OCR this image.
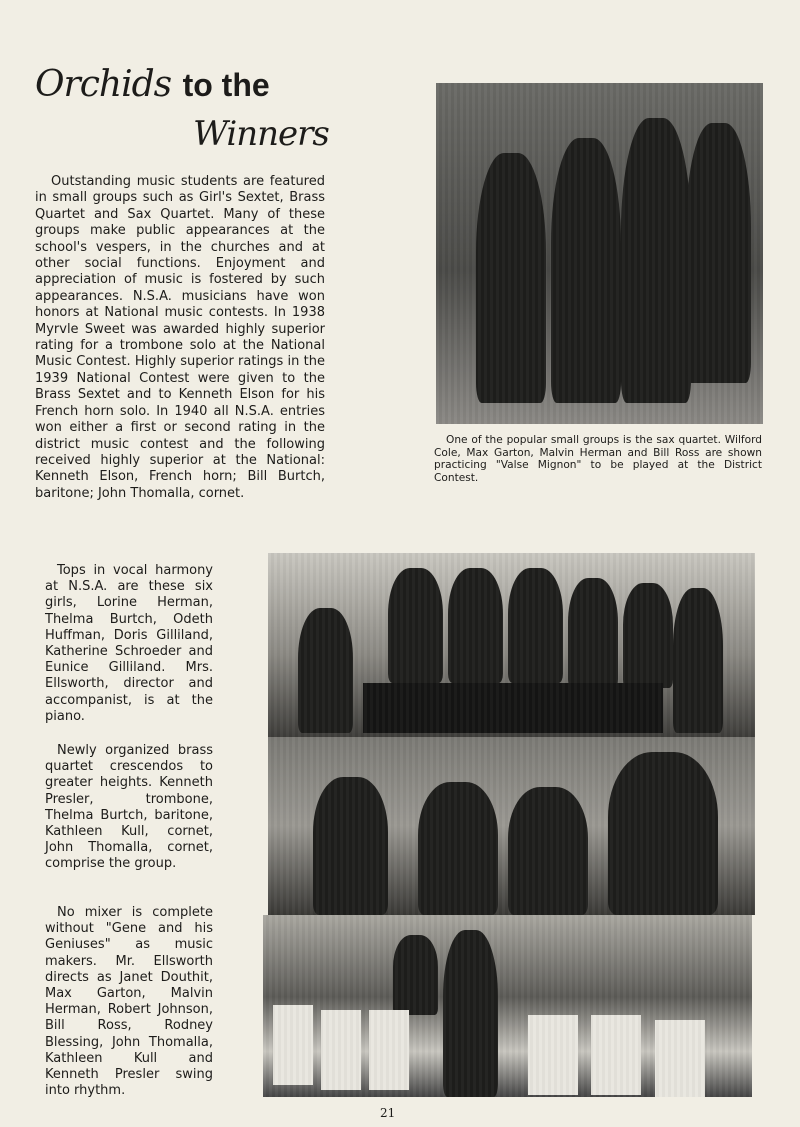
Orchids to the
Winners

Outstanding music students are featured in small groups such as Girl's Sextet, Brass Quartet and Sax Quartet. Many of these groups make public appearances at the school's vespers, in the churches and at other social functions. Enjoyment and appreciation of music is fostered by such appearances. N.S.A. musicians have won honors at National music contests. In 1938 Myrvle Sweet was awarded highly superior rating for a trombone solo at the National Music Contest. Highly superior ratings in the 1939 National Contest were given to the Brass Sextet and to Kenneth Elson for his French horn solo. In 1940 all N.S.A. entries won either a first or second rating in the district music contest and the following received highly superior at the National: Kenneth Elson, French horn; Bill Burtch, baritone; John Thomalla, cornet.

One of the popular small groups is the sax quartet. Wilford Cole, Max Garton, Malvin Herman and Bill Ross are shown practicing "Valse Mignon" to be played at the District Contest.

Tops in vocal harmony at N.S.A. are these six girls, Lorine Herman, Thelma Burtch, Odeth Huffman, Doris Gilliland, Katherine Schroeder and Eunice Gilliland. Mrs. Ellsworth, director and accompanist, is at the piano.

Newly organized brass quartet crescendos to greater heights. Kenneth Presler, trombone, Thelma Burtch, baritone, Kathleen Kull, cornet, John Thomalla, cornet, comprise the group.

No mixer is complete without "Gene and his Geniuses" as music makers. Mr. Ellsworth directs as Janet Douthit, Max Garton, Malvin Herman, Robert Johnson, Bill Ross, Rodney Blessing, John Thomalla, Kathleen Kull and Kenneth Presler swing into rhythm.

21
